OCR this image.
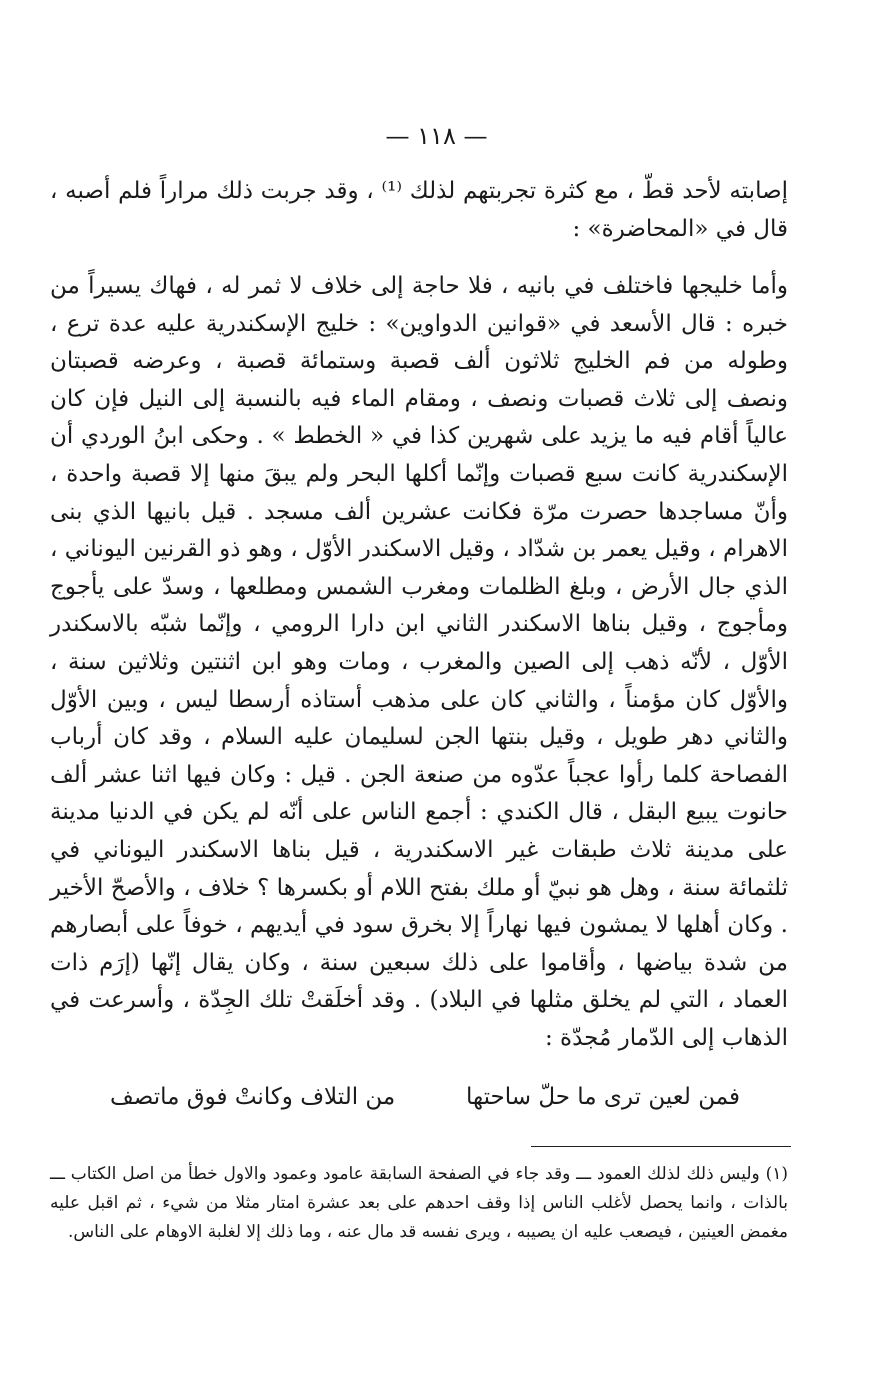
— ١١٨ —

إصابته لأحد قطّ ، مع كثرة تجربتهم لذلك ⁽¹⁾ ، وقد جربت ذلك مراراً فلم أصبه ، قال في «المحاضرة» :

وأما خليجها فاختلف في بانيه ، فلا حاجة إلى خلاف لا ثمر له ، فهاك يسيراً من خبره : قال الأسعد في «قوانين الدواوين» : خليج الإسكندرية عليه عدة ترع ، وطوله من فم الخليج ثلاثون ألف قصبة وستمائة قصبة ، وعرضه قصبتان ونصف إلى ثلاث قصبات ونصف ، ومقام الماء فيه بالنسبة إلى النيل فإن كان عالياً أقام فيه ما يزيد على شهرين كذا في « الخطط » . وحكى ابنُ الوردي أن الإسكندرية كانت سبع قصبات وإنّما أكلها البحر ولم يبقَ منها إلا قصبة واحدة ، وأنّ مساجدها حصرت مرّة فكانت عشرين ألف مسجد . قيل بانيها الذي بنى الاهرام ، وقيل يعمر بن شدّاد ، وقيل الاسكندر الأوّل ، وهو ذو القرنين اليوناني ، الذي جال الأرض ، وبلغ الظلمات ومغرب الشمس ومطلعها ، وسدّ على يأجوج ومأجوج ، وقيل بناها الاسكندر الثاني ابن دارا الرومي ، وإنّما شبّه بالاسكندر الأوّل ، لأنّه ذهب إلى الصين والمغرب ، ومات وهو ابن اثنتين وثلاثين سنة ، والأوّل كان مؤمناً ، والثاني كان على مذهب أستاذه أرسطا ليس ، وبين الأوّل والثاني دهر طويل ، وقيل بنتها الجن لسليمان عليه السلام ، وقد كان أرباب الفصاحة كلما رأوا عجباً عدّوه من صنعة الجن . قيل : وكان فيها اثنا عشر ألف حانوت يبيع البقل ، قال الكندي : أجمع الناس على أنّه لم يكن في الدنيا مدينة على مدينة ثلاث طبقات غير الاسكندرية ، قيل بناها الاسكندر اليوناني في ثلثمائة سنة ، وهل هو نبيّ أو ملك بفتح اللام أو بكسرها ؟ خلاف ، والأصحّ الأخير . وكان أهلها لا يمشون فيها نهاراً إلا بخرق سود في أيديهم ، خوفاً على أبصارهم من شدة بياضها ، وأقاموا على ذلك سبعين سنة ، وكان يقال إنّها (إرَم ذات العماد ، التي لم يخلق مثلها في البلاد) . وقد أخلَقتْ تلك الجِدّة ، وأسرعت في الذهاب إلى الدّمار مُجدّة :

فمن لعين ترى ما حلّ ساحتها
من التلاف وكانتْ فوق ماتصف

(١) وليس ذلك لذلك العمود ـــ وقد جاء في الصفحة السابقة عامود وعمود والاول خطأ من اصل الكتاب ـــ بالذات ، وانما يحصل لأغلب الناس إذا وقف احدهم على بعد عشرة امتار مثلا من شيء ، ثم اقبل عليه مغمض العينين ، فيصعب عليه ان يصيبه ، ويرى نفسه قد مال عنه ، وما ذلك إلا لغلبة الاوهام على الناس.
